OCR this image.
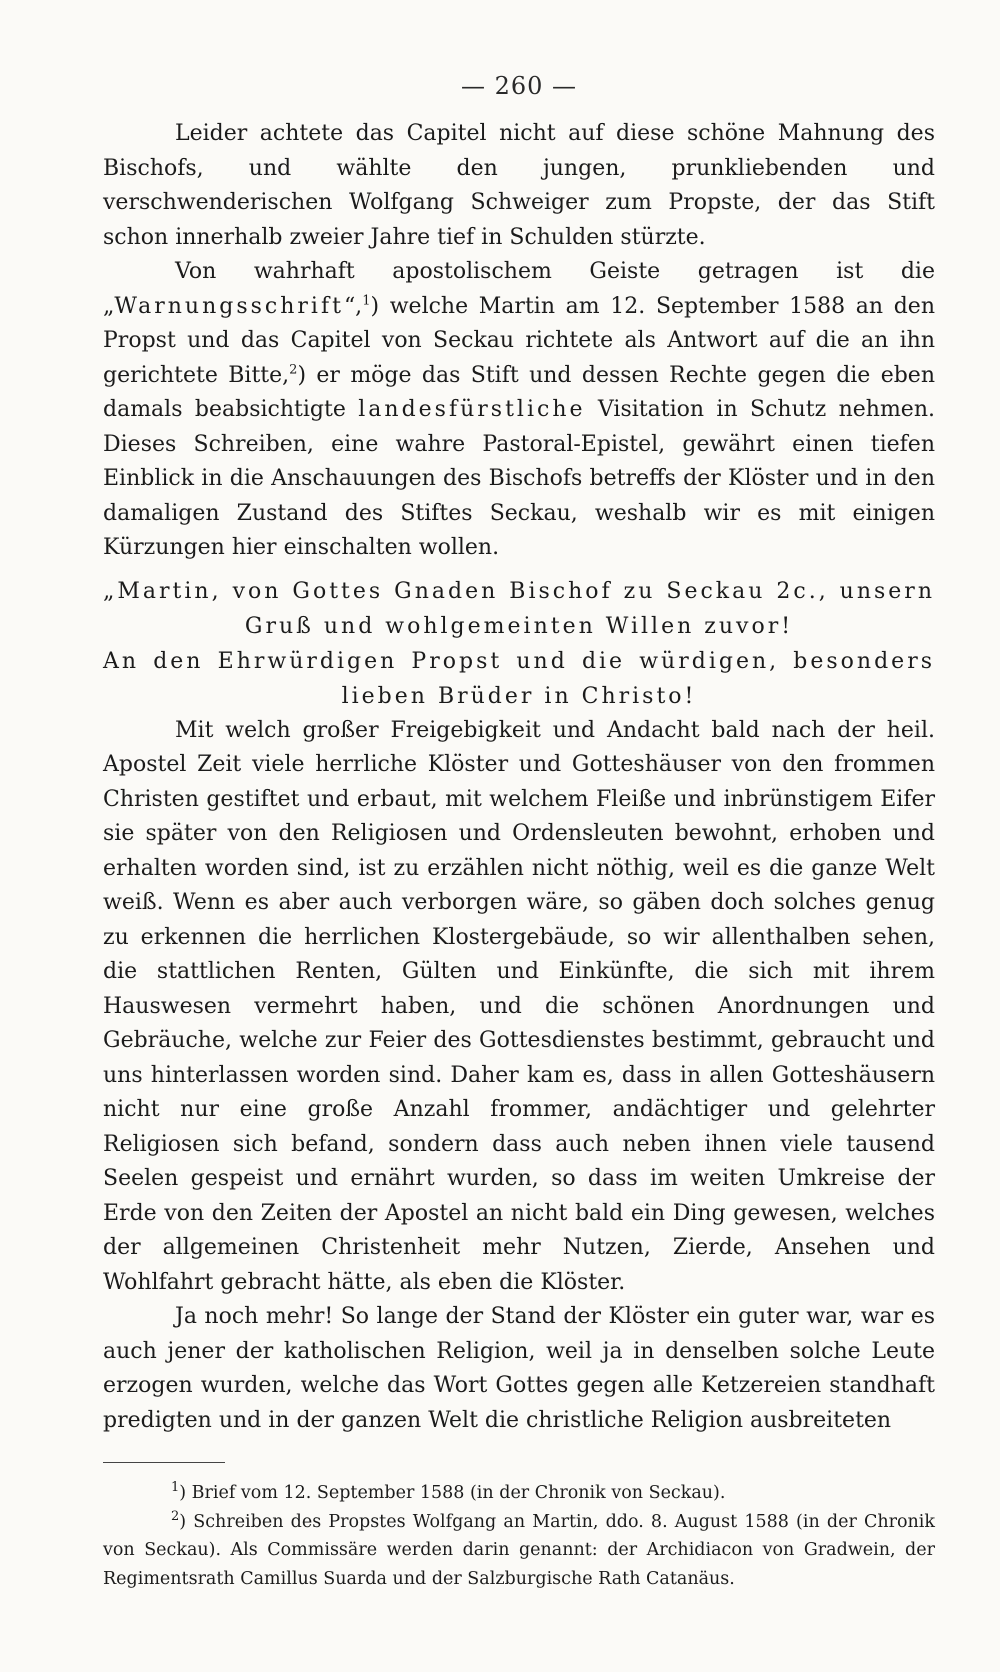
— 260 —

Leider achtete das Capitel nicht auf diese schöne Mahnung des Bischofs, und wählte den jungen, prunkliebenden und verschwenderischen Wolfgang Schweiger zum Propste, der das Stift schon innerhalb zweier Jahre tief in Schulden stürzte.

Von wahrhaft apostolischem Geiste getragen ist die „Warnungsschrift“,$^1$) welche Martin am 12. September 1588 an den Propst und das Capitel von Seckau richtete als Antwort auf die an ihn gerichtete Bitte,$^2$) er möge das Stift und dessen Rechte gegen die eben damals beabsichtigte landesfürstliche Visitation in Schutz nehmen. Dieses Schreiben, eine wahre Pastoral-Epistel, gewährt einen tiefen Einblick in die Anschauungen des Bischofs betreffs der Klöster und in den damaligen Zustand des Stiftes Seckau, weshalb wir es mit einigen Kürzungen hier einschalten wollen.

„Martin, von Gottes Gnaden Bischof zu Seckau 2c., unsern
Gruß und wohlgemeinten Willen zuvor!
An den Ehrwürdigen Propst und die würdigen, besonders
lieben Brüder in Christo!

Mit welch großer Freigebigkeit und Andacht bald nach der heil. Apostel Zeit viele herrliche Klöster und Gotteshäuser von den frommen Christen gestiftet und erbaut, mit welchem Fleiße und inbrünstigem Eifer sie später von den Religiosen und Ordensleuten bewohnt, erhoben und erhalten worden sind, ist zu erzählen nicht nöthig, weil es die ganze Welt weiß. Wenn es aber auch verborgen wäre, so gäben doch solches genug zu erkennen die herrlichen Klostergebäude, so wir allenthalben sehen, die stattlichen Renten, Gülten und Einkünfte, die sich mit ihrem Hauswesen vermehrt haben, und die schönen Anordnungen und Gebräuche, welche zur Feier des Gottesdienstes bestimmt, gebraucht und uns hinterlassen worden sind. Daher kam es, dass in allen Gotteshäusern nicht nur eine große Anzahl frommer, andächtiger und gelehrter Religiosen sich befand, sondern dass auch neben ihnen viele tausend Seelen gespeist und ernährt wurden, so dass im weiten Umkreise der Erde von den Zeiten der Apostel an nicht bald ein Ding gewesen, welches der allgemeinen Christenheit mehr Nutzen, Zierde, Ansehen und Wohlfahrt gebracht hätte, als eben die Klöster.

Ja noch mehr! So lange der Stand der Klöster ein guter war, war es auch jener der katholischen Religion, weil ja in denselben solche Leute erzogen wurden, welche das Wort Gottes gegen alle Ketzereien standhaft predigten und in der ganzen Welt die christliche Religion ausbreiteten

$^1$) Brief vom 12. September 1588 (in der Chronik von Seckau).

$^2$) Schreiben des Propstes Wolfgang an Martin, ddo. 8. August 1588 (in der Chronik von Seckau). Als Commissäre werden darin genannt: der Archidiacon von Gradwein, der Regimentsrath Camillus Suarda und der Salzburgische Rath Catanäus.
